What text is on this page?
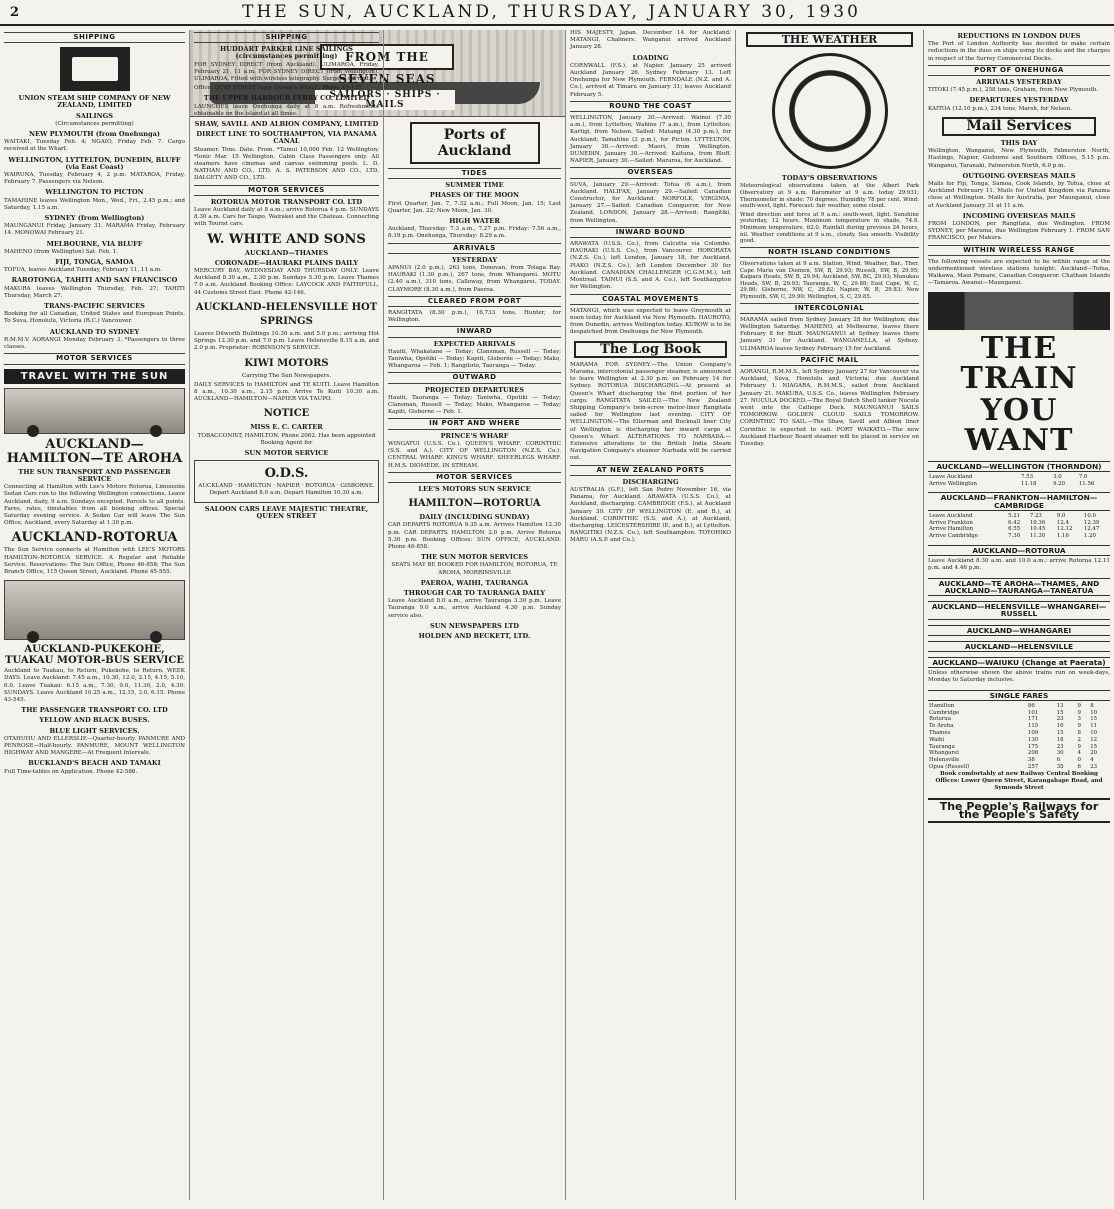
2	THE SUN, AUCKLAND, THURSDAY, JANUARY 30, 1930
SHIPPING
UNION STEAM SHIP COMPANY OF NEW ZEALAND, LIMITED
SAILINGS
(Circumstances permitting)
NEW PLYMOUTH (from Onehunga)
WAITAKI, Tuesday Feb. 4; NGAIO, Friday Feb. 7. Cargo received at the Wharf.
WELLINGTON, LYTTELTON, DUNEDIN, BLUFF (via East Coast)
WAIRUNA, Tuesday, February 4, 2 p.m. MATAROA, Friday, February 7. Passengers via Nelson.
WELLINGTON TO PICTON
TAMAHINE leaves Wellington Mon., Wed., Fri., 2.45 p.m.; and Saturday, 1.15 a.m.
SYDNEY (from Wellington)
MAUNGANUI Friday, January 31. MARAMA Friday, February 14. MONOWAI February 21.
MELBOURNE, VIA BLUFF
MAHENO (from Wellington) Sat. Feb. 1.
FIJI, TONGA, SAMOA
TOFUA, leaves Auckland Tuesday, February 11, 11 a.m.
RAROTONGA, TAHITI AND SAN FRANCISCO
MAKURA leaves Wellington Thursday, Feb. 27; TAHITI Thursday, March 27.
TRANS-PACIFIC SERVICES
Booking for all Canadian, United States and European Points. To Suva, Honolulu, Victoria (B.C.) Vancouver.
AUCKLAND TO SYDNEY
R.M.M.V. AORANGI Monday February 3. *Passengers to three classes.
MOTOR SERVICES
TRAVEL WITH THE SUN
AUCKLAND—HAMILTON—TE AROHA
THE SUN TRANSPORT AND PASSENGER SERVICE
Connecting at Hamilton with Lee's Motors Rotorua, Limousine Sedan Cars run to the following Wellington connections. Leave Auckland, daily, 9 a.m. Sundays excepted. Parcels to all points. Fares, rates, timetables from all booking offices. Special Saturday evening service. A Sedan Car will leave The Sun Office, Auckland, every Saturday at 1.30 p.m.
AUCKLAND-ROTORUA
The Sun Service connects at Hamilton with LEE'S MOTORS HAMILTON–ROTORUA SERVICE. A Regular and Reliable Service. Reservations: The Sun Office, Phone 46-858; The Sun Branch Office, 115 Queen Street, Auckland. Phone 45-555.
AUCKLAND-PUKEKOHE, TUAKAU MOTOR-BUS SERVICE
Auckland to Tuakau, to Return, Pukekohe, to Return. WEEK DAYS. Leave Auckland: 7.45 a.m., 10.30, 12.0, 2.15, 4.15, 5.10, 6.0. Leave Tuakau: 6.15 a.m., 7.30, 9.0, 11.30, 2.0, 4.30. SUNDAYS. Leave Auckland 10.25 a.m., 12.15, 3.0, 6.15. Phone 43-545.
THE PASSENGER TRANSPORT CO. LTD
YELLOW AND BLACK BUSES.
BLUE LIGHT SERVICES.
OTAHUHU AND ELLERSLIE—Quarter-hourly. PANMURE AND PENROSE—Half-hourly. PANMURE, MOUNT WELLINGTON HIGHWAY AND MANGERE—At Frequent Intervals.
BUCKLAND'S BEACH AND TAMAKI
Full Time-tables on Application. Phone 42-586.
FROM THE SEVEN SEAS
SAILORS · SHIPS · MAILS
SHIPPING
HUDDART PARKER LINE SAILINGS (circumstances permitting)
FOR SYDNEY DIRECT (from Auckland). ULIMAROA, Friday, February 21, 11 a.m. FOR SYDNEY DIRECT (from Wellington). ULIMAROA. Fitted with wireless telegraphy. Surgeon carried.
Office: QUAY STREET (opp. Queen's Wharf). Phone 41-135.
THE UPPER HARBOUR FERRY CO. LIMITED
LAUNCHES leave Onehunga daily at 8 a.m. Refreshments obtainable on the island at all times.
SHAW, SAVILL AND ALBION COMPANY, LIMITED
DIRECT LINE TO SOUTHAMPTON, VIA PANAMA CANAL
Steamer. Tons. Date. From. *Tainui 10,000 Feb. 12 Wellington; *Ionic Mar. 15 Wellington. Cabin Class Passengers only. All steamers have cinemas and canvas swimming pools. L. D. NATHAN AND CO., LTD. A. S. PATERSON AND CO., LTD. DALGETY AND CO., LTD.
MOTOR SERVICES
ROTORUA MOTOR TRANSPORT CO. LTD
Leave Auckland daily at 8 a.m.; arrive Rotorua 4 p.m. SUNDAYS 8.30 a.m. Cars for Taupo, Wairakei and the Chateau. Connecting with Tourist cars.
W. WHITE AND SONS
AUCKLAND—THAMES
CORONADE—HAURAKI PLAINS DAILY
MERCURY BAY, WEDNESDAY AND THURSDAY ONLY. Leave Auckland 8.30 a.m., 2.30 p.m. Sundays 5.30 p.m. Leave Thames 7.0 a.m. Auckland Booking Office: LAYCOCK AND FAITHFULL, 44 Customs Street East. Phone 42-146.
AUCKLAND-HELENSVILLE HOT SPRINGS
Leaves Dilworth Buildings 10.30 a.m. and 5.0 p.m.; arriving Hot Springs 12.30 p.m. and 7.0 p.m. Leave Helensville 8.15 a.m. and 2.0 p.m. Proprietor: ROBINSON'S SERVICE.
KIWI MOTORS
Carrying The Sun Newspapers.
DAILY SERVICES to HAMILTON and TE KUITI. Leave Hamilton 8 a.m., 10.30 a.m., 2.15 p.m. Arrive Te Kuiti 10.30 a.m. AUCKLAND—HAMILTON—NAPIER VIA TAUPO.
NOTICE
MISS E. C. CARTER
TOBACCONIST, HAMILTON. Phone 2062. Has been appointed Booking Agent for
SUN MOTOR SERVICE
O.D.S.
AUCKLAND · HAMILTON · NAPIER · ROTORUA · GISBORNE. Depart Auckland 8.0 a.m. Depart Hamilton 10.30 a.m.
SALOON CARS LEAVE MAJESTIC THEATRE, QUEEN STREET
Ports of Auckland
TIDES
SUMMER TIME
PHASES OF THE MOON
First Quarter, Jan. 7, 7.32 a.m.; Full Moon, Jan. 15; Last Quarter, Jan. 22; New Moon, Jan. 30.
HIGH WATER
Auckland, Thursday: 7.3 a.m., 7.27 p.m. Friday: 7.56 a.m., 8.19 p.m. Onehunga, Thursday: 8.29 a.m.
ARRIVALS
YESTERDAY
APANUI (2.0 p.m.), 263 tons, Donovan, from Tolaga Bay. HAURAKI (1.30 p.m.), 267 tons, from Whangarei. MOTU (2.40 a.m.), 310 tons, Calloway, from Whangarei. TODAY. CLAYMORE (8.30 a.m.), from Paeroa.
CLEARED FROM PORT
RANGITATA (8.30 p.m.), 16,733 tons, Hunter, for Wellington.
INWARD
EXPECTED ARRIVALS
Hauiti, Whakatane — Today; Clansman, Russell — Today; Taniwha, Opotiki — Today; Kapiti, Gisborne — Today; Mako, Whangaroa — Feb. 1; Rangitoto, Tauranga — Today.
OUTWARD
PROJECTED DEPARTURES
Hauiti, Tauranga — Today; Taniwha, Opotiki — Today; Clansman, Russell — Today; Mako, Whangaroa — Today; Kapiti, Gisborne — Feb. 1.
IN PORT AND WHERE
PRINCE'S WHARF
WINGATUI (U.S.S. Co.). QUEEN'S WHARF. CORINTHIC (S.S. and A.). CITY OF WELLINGTON (N.Z.S. Co.). CENTRAL WHARF. KING'S WHARF. SHEERLEGS WHARF. H.M.S. DIOMEDE. IN STREAM.
MOTOR SERVICES
LEE'S MOTORS SUN SERVICE
HAMILTON—ROTORUA
DAILY (INCLUDING SUNDAY)
CAR DEPARTS ROTORUA 9.35 a.m. Arrives Hamilton 12.30 p.m. CAR DEPARTS HAMILTON 2.0 p.m. Arrive Rotorua 5.30 p.m. Booking Offices: SUN OFFICE, AUCKLAND. Phone 46-858.
THE SUN MOTOR SERVICES
SEATS MAY BE BOOKED FOR HAMILTON, ROTORUA, TE AROHA, MORRINSVILLE
PAEROA, WAIHI, TAURANGA
THROUGH CAR TO TAURANGA DAILY
Leave Auckland 8.0 a.m., arrive Tauranga 3.30 p.m. Leave Tauranga 9.0 a.m., arrive Auckland 4.30 p.m. Sunday service also.
SUN NEWSPAPERS LTD
HOLDEN AND BECKETT, LTD.
HIS MAJESTY, Japan. December 14 for Auckland; MATANGI, Chalmers. Wanganui arrived Auckland January 28.
LOADING
CORNWALL (F.S.), at Napier. January 25 arrived Auckland January 26. Sydney February 13. Left Onehunga for New Plymouth. FERNDALE (N.Z. and A. Co.), arrived at Timaru on January 31; leaves Auckland February 5.
ROUND THE COAST
WELLINGTON, January 30.—Arrived: Wainui (7.30 a.m.), from Lyttelton; Wahine (7 a.m.), from Lyttelton; Kartigi, from Nelson. Sailed: Matangi (4.30 p.m.), for Auckland; Tamahine (3 p.m.), for Picton. LYTTELTON, January 30.—Arrived: Maori, from Wellington. DUNEDIN, January 30.—Arrived: Kaituna, from Bluff. NAPIER, January 30.—Sailed: Mararoa, for Auckland.
OVERSEAS
SUVA, January 29.—Arrived: Tofua (6 a.m.), from Auckland. HALIFAX, January 29.—Sailed: Canadian Constructor, for Auckland. NORFOLK, VIRGINIA, January 27.—Sailed: Canadian Conqueror, for New Zealand. LONDON, January 28.—Arrived: Rangitiki, from Wellington.
INWARD BOUND
ARAWATA (U.S.S. Co.), from Calcutta via Colombo. HAURAKI (U.S.S. Co.), from Vancouver. HORORATA (N.Z.S. Co.), left London, January 18, for Auckland. PIAKO (N.Z.S. Co.), left London December 30 for Auckland. CANADIAN CHALLENGER (C.G.M.M.), left Montreal. TAINUI (S.S. and A. Co.), left Southampton for Wellington.
COASTAL MOVEMENTS
MATANGI, which was expected to leave Greymouth at noon today for Auckland via New Plymouth. HAUROTO, from Dunedin, arrives Wellington today. KUROW is to be despatched from Onehunga for New Plymouth.
The Log Book
MARAMA FOR SYDNEY.—The Union Company's Marama, intercolonial passenger steamer, is announced to leave Wellington at 2.30 p.m. on February 14 for Sydney. ROTORUA DISCHARGING.—At present at Queen's Wharf discharging the first portion of her cargo. RANGITATA SAILED.—The New Zealand Shipping Company's twin-screw motor-liner Rangitata sailed for Wellington last evening. CITY OF WELLINGTON.—The Ellerman and Bucknall liner City of Wellington is discharging her inward cargo at Queen's Wharf. ALTERATIONS TO NARBADA.—Extensive alterations to the British India Steam Navigation Company's steamer Narbada will be carried out.
AT NEW ZEALAND PORTS
DISCHARGING
AUSTRALIA (G.F.), left San Pedro November 16, via Panama, for Auckland. ARAWATA (U.S.S. Co.), at Auckland, discharging. CAMBRIDGE (F.S.), at Auckland January 30. CITY OF WELLINGTON (E. and B.), at Auckland. CORINTHIC (S.S. and A.), at Auckland, discharging. LEICESTERSHIRE (E. and B.), at Lyttelton. RANGITIKI (N.Z.S. Co.), left Southampton. TOYOHIKO MARU (A.S.P. and Co.).
THE WEATHER
TODAY'S OBSERVATIONS
Meteorological observations taken at the Albert Park Observatory at 9 a.m. Barometer at 9 a.m. today 29.931; Thermometer in shade: 70 degrees. Humidity 78 per cent. Wind: south-west, light. Forecast: fair weather, some cloud.
Wind direction and force at 9 a.m.: south-west, light. Sunshine yesterday, 12 hours. Maximum temperature in shade, 74.8. Minimum temperature, 62.0. Rainfall during previous 24 hours, nil. Weather conditions at 9 a.m., cloudy. Sea smooth. Visibility good.
NORTH ISLAND CONDITIONS
Observations taken at 9 a.m. Station, Wind, Weather, Bar., Ther. Cape Maria van Diemen, SW, B, 29.93; Russell, SW, B, 29.95; Kaipara Heads, SW, B, 29.94; Auckland, SW, BC, 29.93; Manukau Heads, SW, B, 29.93; Tauranga, W, C, 29.88; East Cape, W, C, 29.86; Gisborne, NW, C, 29.82; Napier, W, B, 29.83; New Plymouth, SW, C, 29.90; Wellington, S, C, 29.85.
INTERCOLONIAL
MARAMA sailed from Sydney January 28 for Wellington; due Wellington Saturday. MAHENO, at Melbourne, leaves there February 8 for Bluff. MAUNGANUI at Sydney leaves there January 31 for Auckland. WANGANELLA, at Sydney. ULIMAROA leaves Sydney February 15 for Auckland.
PACIFIC MAIL
AORANGI, R.M.M.S., left Sydney January 27 for Vancouver via Auckland, Suva, Honolulu and Victoria; due Auckland February 1. NIAGARA, R.M.M.S., sailed from Auckland January 21. MAKURA, U.S.S. Co., leaves Wellington February 27. NUCULA DOCKED.—The Royal Dutch Shell tanker Nucula went into the Calliope Dock. MAUNGANUI SAILS TOMORROW. GOLDEN CLOUD SAILS TOMORROW. CORINTHIC TO SAIL.—The Shaw, Savill and Albion liner Corinthic is expected to sail. PORT WAIKATO.—The new Auckland Harbour Board steamer will be placed in service on Tuesday.
REDUCTIONS IN LONDON DUES
The Port of London Authority has decided to make certain reductions in the dues on ships using its docks and the charges in respect of the Surrey Commercial Docks.
PORT OF ONEHUNGA
ARRIVALS YESTERDAY
TITOKI (7.45 p.m.), 258 tons, Graham, from New Plymouth.
DEPARTURES YESTERDAY
KAITOA (12.10 p.m.), 234 tons, Marsh, for Nelson.
Mail Services
THIS DAY
Wellington, Wanganui, New Plymouth, Palmerston North, Hastings, Napier, Gisborne and Southern Offices, 5.15 p.m. Wanganui, Taranaki, Palmerston North, 6.0 p.m.
OUTGOING OVERSEAS MAILS
Mails for Fiji, Tonga, Samoa, Cook Islands, by Tofua, close at Auckland February 11. Mails for United Kingdom via Panama close at Wellington. Mails for Australia, per Maunganui, close at Auckland January 31 at 11 a.m.
INCOMING OVERSEAS MAILS
FROM LONDON, per Rangitata, due Wellington. FROM SYDNEY, per Marama, due Wellington February 1. FROM SAN FRANCISCO, per Makura.
WITHIN WIRELESS RANGE
The following vessels are expected to be within range of the undermentioned wireless stations tonight: Auckland—Tofua, Waikawa, Maui Pomare, Canadian Conqueror. Chatham Islands—Tamaroa. Awanui—Maunganui.
THE TRAIN
YOU WANT
AUCKLAND—WELLINGTON (THORNDON)
Leave Auckland	7.53	3.0	7.0
Arrive Wellington	11.18	9.20	11.56
AUCKLAND—FRANKTON—HAMILTON—CAMBRIDGE
Leave Auckland	5.21	7.23	9.0	10.0
Arrive Frankton	6.42	10.36	12.4	12.39
Arrive Hamilton	6.55	10.45	12.12	12.47
Arrive Cambridge	7.30	11.30	1.16	1.20
AUCKLAND—ROTORUA
Leave Auckland 8.30 a.m. and 10.0 a.m.; arrive Rotorua 12.11 p.m. and 4.46 p.m.
AUCKLAND—TE AROHA—THAMES, AND AUCKLAND—TAURANGA—TANEATUA
AUCKLAND—HELENSVILLE—WHANGAREI—RUSSELL
AUCKLAND—WHANGAREI
AUCKLAND—HELENSVILLE
AUCKLAND—WAIUKU (Change at Paerata)
Unless otherwise shown the above trains run on week-days, Monday to Saturday inclusive.
SINGLE FARES
Hamilton	86	13	9	8
Cambridge	101	15	9	10
Rotorua	171	23	3	15
Te Aroha	115	16	9	11
Thames	109	15	8	10
Waihi	130	18	2	12
Tauranga	175	23	9	15
Whangarei	208	30	4	20
Helensville	38	6	0	4
Opua (Russell)	257	35	6	23
Book comfortably at new Railway Central Booking Offices: Lower Queen Street, Karangahape Road, and Symonds Street
The People's Railways for the People's Safety
